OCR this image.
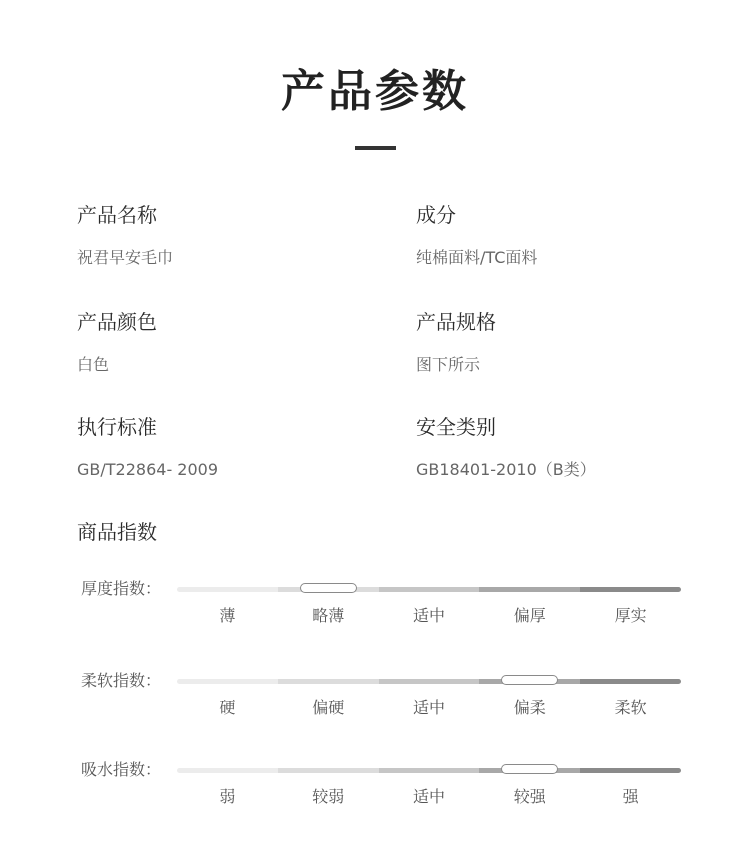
产品参数
产品名称
祝君早安毛巾
成分
纯棉面料/TC面料
产品颜色
白色
产品规格
图下所示
执行标准
GB/T22864- 2009
安全类别
GB18401-2010（B类）
商品指数
厚度指数：
薄	略薄	适中	偏厚	厚实
柔软指数：
硬	偏硬	适中	偏柔	柔软
吸水指数：
弱	较弱	适中	较强	强
